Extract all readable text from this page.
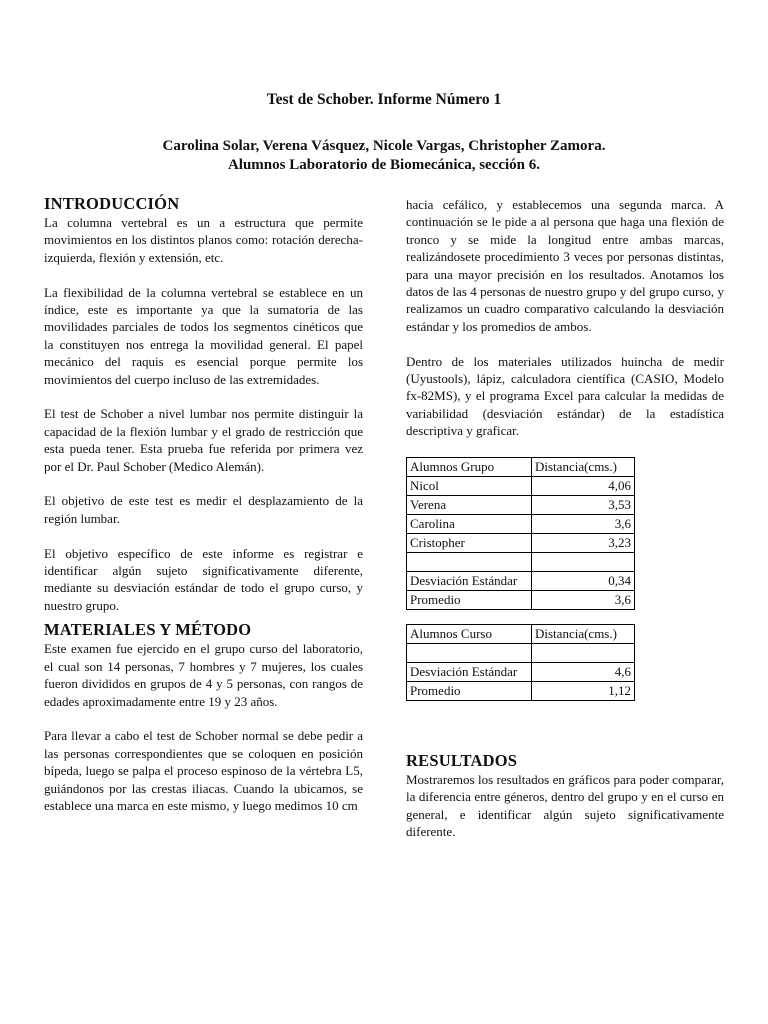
Test de Schober. Informe Número 1
Carolina Solar, Verena Vásquez, Nicole Vargas, Christopher Zamora.
Alumnos Laboratorio de Biomecánica, sección 6.
INTRODUCCIÓN

La columna vertebral es un a estructura que permite movimientos en los distintos planos como: rotación derecha-izquierda, flexión y extensión, etc.

La flexibilidad de la columna vertebral se establece en un índice, este es importante ya que la sumatoria de las movilidades parciales de todos los segmentos cinéticos que la constituyen nos entrega la movilidad general. El papel mecánico del raquis es esencial porque permite los movimientos del cuerpo incluso de las extremidades.

El test de Schober a nivel lumbar nos permite distinguir la capacidad de la flexión lumbar y el grado de restricción que esta pueda tener. Esta prueba fue referida por primera vez por el Dr. Paul Schober (Medico Alemán).

El objetivo de este test es medir el desplazamiento de la región lumbar.

El objetivo específico de este informe es registrar e identificar algún sujeto significativamente diferente, mediante su desviación estándar de todo el grupo curso, y nuestro grupo.

MATERIALES Y MÉTODO

Este examen fue ejercido en el grupo curso del laboratorio, el cual son 14 personas, 7 hombres y 7 mujeres, los cuales fueron divididos en grupos de 4 y 5 personas, con rangos de edades aproximadamente entre 19 y 23 años.

Para llevar a cabo el test de Schober normal se debe pedir a las personas correspondientes que se coloquen en posición bípeda, luego se palpa el proceso espinoso de la vértebra L5, guiándonos por las crestas iliacas. Cuando la ubicamos, se establece una marca en este mismo, y luego medimos 10 cm

hacia cefálico, y establecemos una segunda marca. A continuación se le pide a al persona que haga una flexión de tronco y se mide la longitud entre ambas marcas, realizándosete procedimiento 3 veces por personas distintas, para una mayor precisión en los resultados. Anotamos los datos de las 4 personas de nuestro grupo y del grupo curso, y realizamos un cuadro comparativo calculando la desviación estándar y los promedios de ambos.

Dentro de los materiales utilizados huincha de medir (Uyustools), lápiz, calculadora científica (CASIO, Modelo fx-82MS), y el programa Excel para calcular la medidas de variabilidad (desviación estándar) de la estadística descriptiva y graficar.

Alumnos Grupo	Distancia(cms.)
Nicol	4,06
Verena	3,53
Carolina	3,6
Cristopher	3,23

Desviación Estándar	0,34
Promedio	3,6
Alumnos Curso	Distancia(cms.)

Desviación Estándar	4,6
Promedio	1,12
RESULTADOS

Mostraremos los resultados en gráficos para poder comparar, la diferencia entre géneros, dentro del grupo y en el curso en general, e identificar algún sujeto significativamente diferente.
